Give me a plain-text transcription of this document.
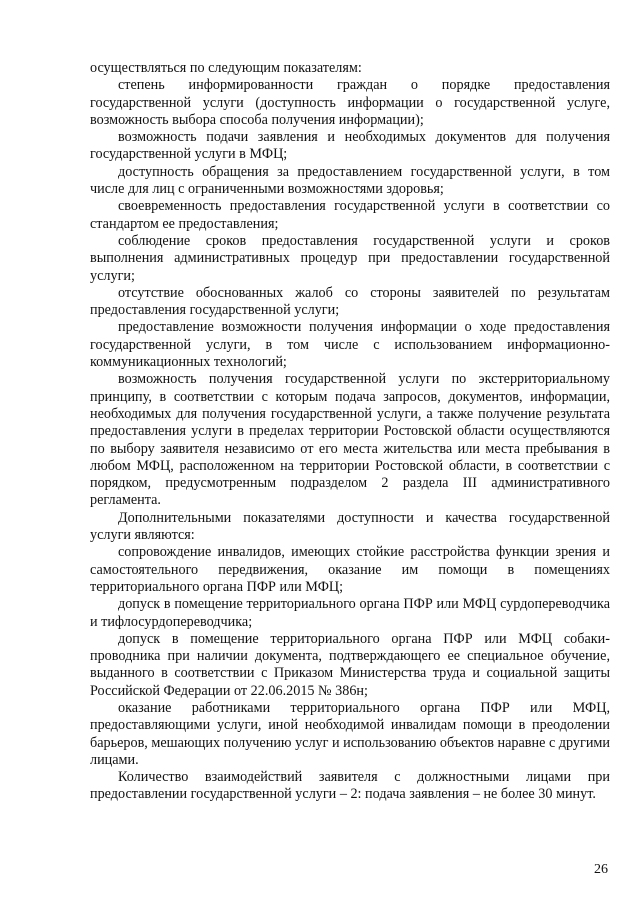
осуществляться по следующим показателям:

степень информированности граждан о порядке предоставления государственной услуги (доступность информации о государственной услуге, возможность выбора способа получения информации);

возможность подачи заявления и необходимых документов для получения государственной услуги в МФЦ;

доступность обращения за предоставлением государственной услуги, в том числе для лиц с ограниченными возможностями здоровья;

своевременность предоставления государственной услуги в соответствии со стандартом ее предоставления;

соблюдение сроков предоставления государственной услуги и сроков выполнения административных процедур при предоставлении государственной услуги;

отсутствие обоснованных жалоб со стороны заявителей по результатам предоставления государственной услуги;

предоставление возможности получения информации о ходе предоставления государственной услуги, в том числе с использованием информационно-коммуникационных технологий;

возможность получения государственной услуги по экстерриториальному принципу, в соответствии с которым подача запросов, документов, информации, необходимых для получения государственной услуги, а также получение результата предоставления услуги в пределах территории Ростовской области осуществляются по выбору заявителя независимо от его места жительства или места пребывания в любом МФЦ, расположенном на территории Ростовской области, в соответствии с порядком, предусмотренным подразделом 2 раздела III административного регламента.

Дополнительными показателями доступности и качества государственной услуги являются:

сопровождение инвалидов, имеющих стойкие расстройства функции зрения и самостоятельного передвижения, оказание им помощи в помещениях территориального органа ПФР или МФЦ;

допуск в помещение территориального органа ПФР или МФЦ сурдопереводчика и тифлосурдопереводчика;

допуск в помещение территориального органа ПФР или МФЦ собаки-проводника при наличии документа, подтверждающего ее специальное обучение, выданного в соответствии с Приказом Министерства труда и социальной защиты Российской Федерации от 22.06.2015 № 386н;

оказание работниками территориального органа ПФР или МФЦ, предоставляющими услуги, иной необходимой инвалидам помощи в преодолении барьеров, мешающих получению услуг и использованию объектов наравне с другими лицами.

Количество взаимодействий заявителя с должностными лицами при предоставлении государственной услуги – 2: подача заявления – не более 30 минут.

26
